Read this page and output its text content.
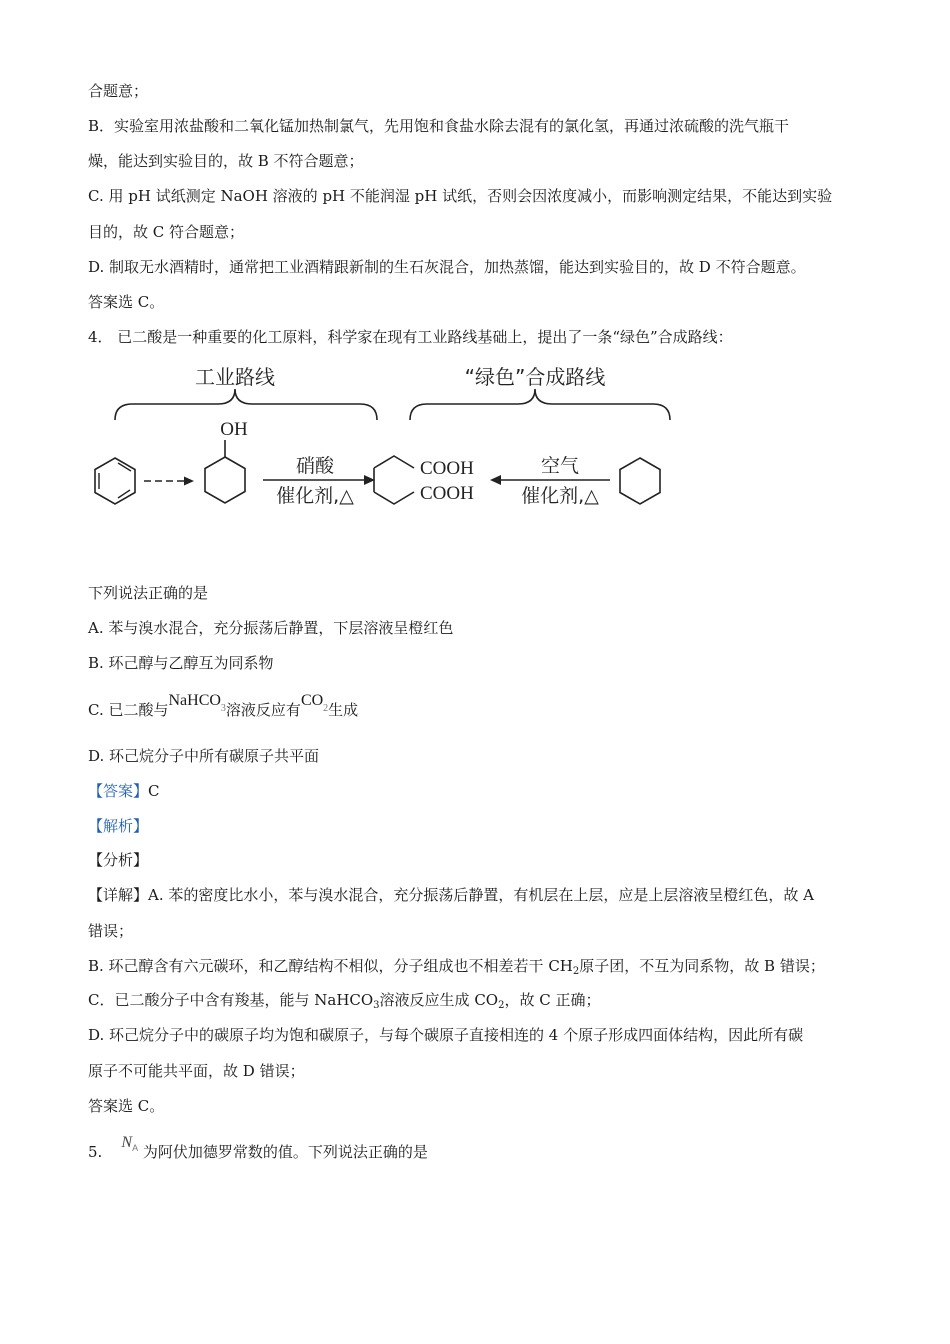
合题意；
B．实验室用浓盐酸和二氧化锰加热制氯气，先用饱和食盐水除去混有的氯化氢，再通过浓硫酸的洗气瓶干
燥，能达到实验目的，故 B 不符合题意；
C. 用 pH 试纸测定 NaOH 溶液的 pH 不能润湿 pH 试纸，否则会因浓度减小，而影响测定结果，不能达到实验
目的，故 C 符合题意；
D. 制取无水酒精时，通常把工业酒精跟新制的生石灰混合，加热蒸馏，能达到实验目的，故 D 不符合题意。
答案选 C。
4． 已二酸是一种重要的化工原料，科学家在现有工业路线基础上，提出了一条“绿色”合成路线：
工业路线	“绿色”合成路线
OH
硝酸
催化剂,△
COOH
COOH
空气
催化剂,△
下列说法正确的是
A. 苯与溴水混合，充分振荡后静置，下层溶液呈橙红色
B. 环己醇与乙醇互为同系物
C. 已二酸与NaHCO$^3$溶液反应有$CO^2$生成
D. 环己烷分子中所有碳原子共平面
【答案】C
【解析】
【分析】
【详解】A. 苯的密度比水小，苯与溴水混合，充分振荡后静置，有机层在上层，应是上层溶液呈橙红色，故 A
错误；
B. 环己醇含有六元碳环，和乙醇结构不相似，分子组成也不相差若干 $CH_2$原子团，不互为同系物，故 B 错误；
C．已二酸分子中含有羧基，能与 NaHCO$_3$溶液反应生成 $CO_2$，故 C 正确；
D. 环己烷分子中的碳原子均为饱和碳原子，与每个碳原子直接相连的 4 个原子形成四面体结构，因此所有碳
原子不可能共平面，故 D 错误；
答案选 C。
5.    $N^A$ 为阿伏加德罗常数的值。下列说法正确的是
